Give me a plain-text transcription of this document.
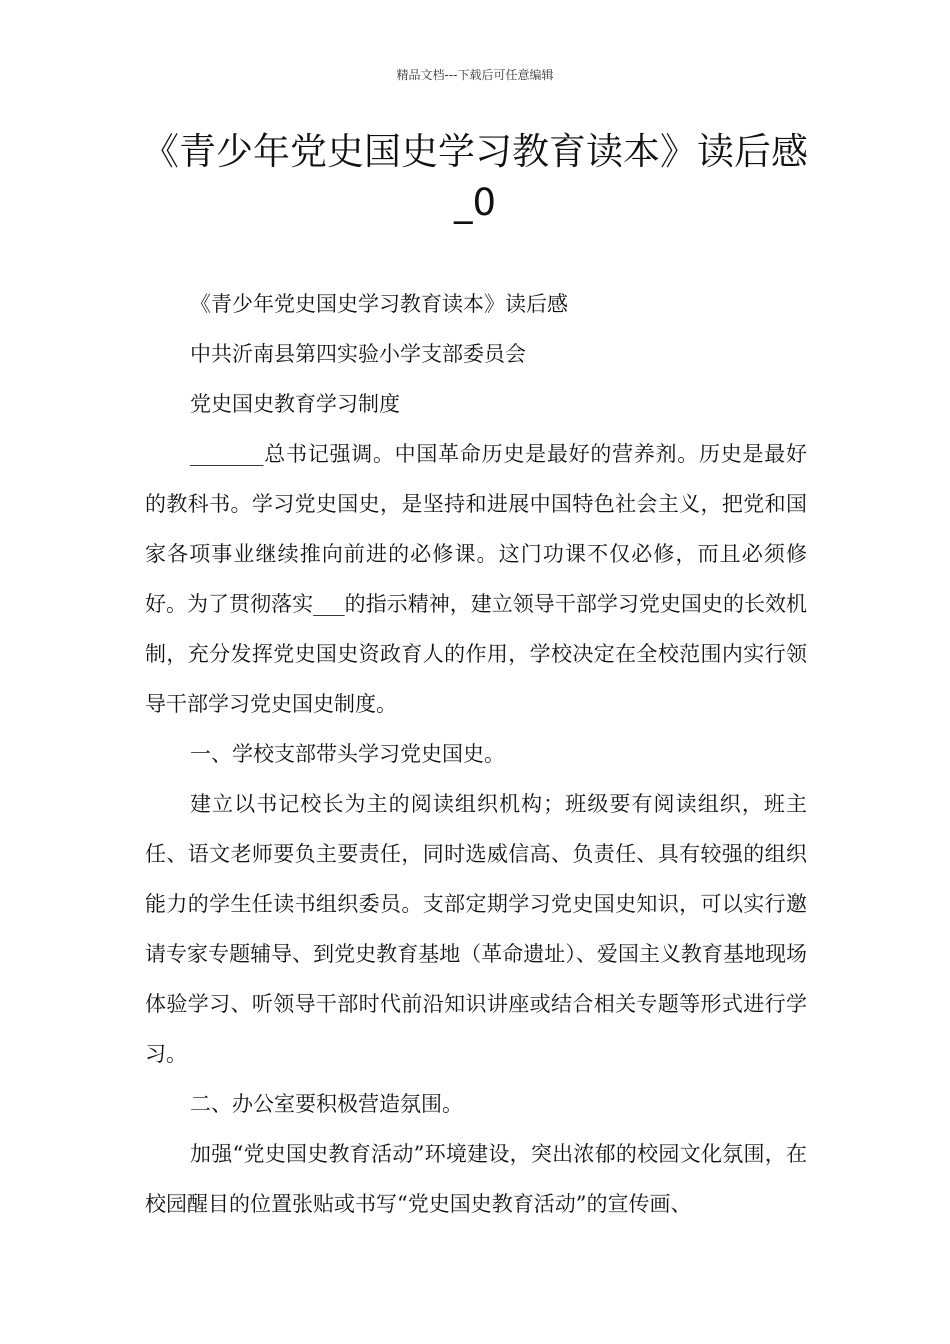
精品文档---下载后可任意编辑
《青少年党史国史学习教育读本》读后感_0

《青少年党史国史学习教育读本》读后感

中共沂南县第四实验小学支部委员会

党史国史教育学习制度

_______总书记强调。中国革命历史是最好的营养剂。历史是最好的教科书。学习党史国史，是坚持和进展中国特色社会主义，把党和国家各项事业继续推向前进的必修课。这门功课不仅必修，而且必须修好。为了贯彻落实___的指示精神，建立领导干部学习党史国史的长效机制，充分发挥党史国史资政育人的作用，学校决定在全校范围内实行领导干部学习党史国史制度。

一、学校支部带头学习党史国史。

建立以书记校长为主的阅读组织机构；班级要有阅读组织，班主任、语文老师要负主要责任，同时选威信高、负责任、具有较强的组织能力的学生任读书组织委员。支部定期学习党史国史知识，可以实行邀请专家专题辅导、到党史教育基地（革命遗址）、爱国主义教育基地现场体验学习、听领导干部时代前沿知识讲座或结合相关专题等形式进行学习。

二、办公室要积极营造氛围。

加强“党史国史教育活动”环境建设，突出浓郁的校园文化氛围，在校园醒目的位置张贴或书写“党史国史教育活动”的宣传画、
